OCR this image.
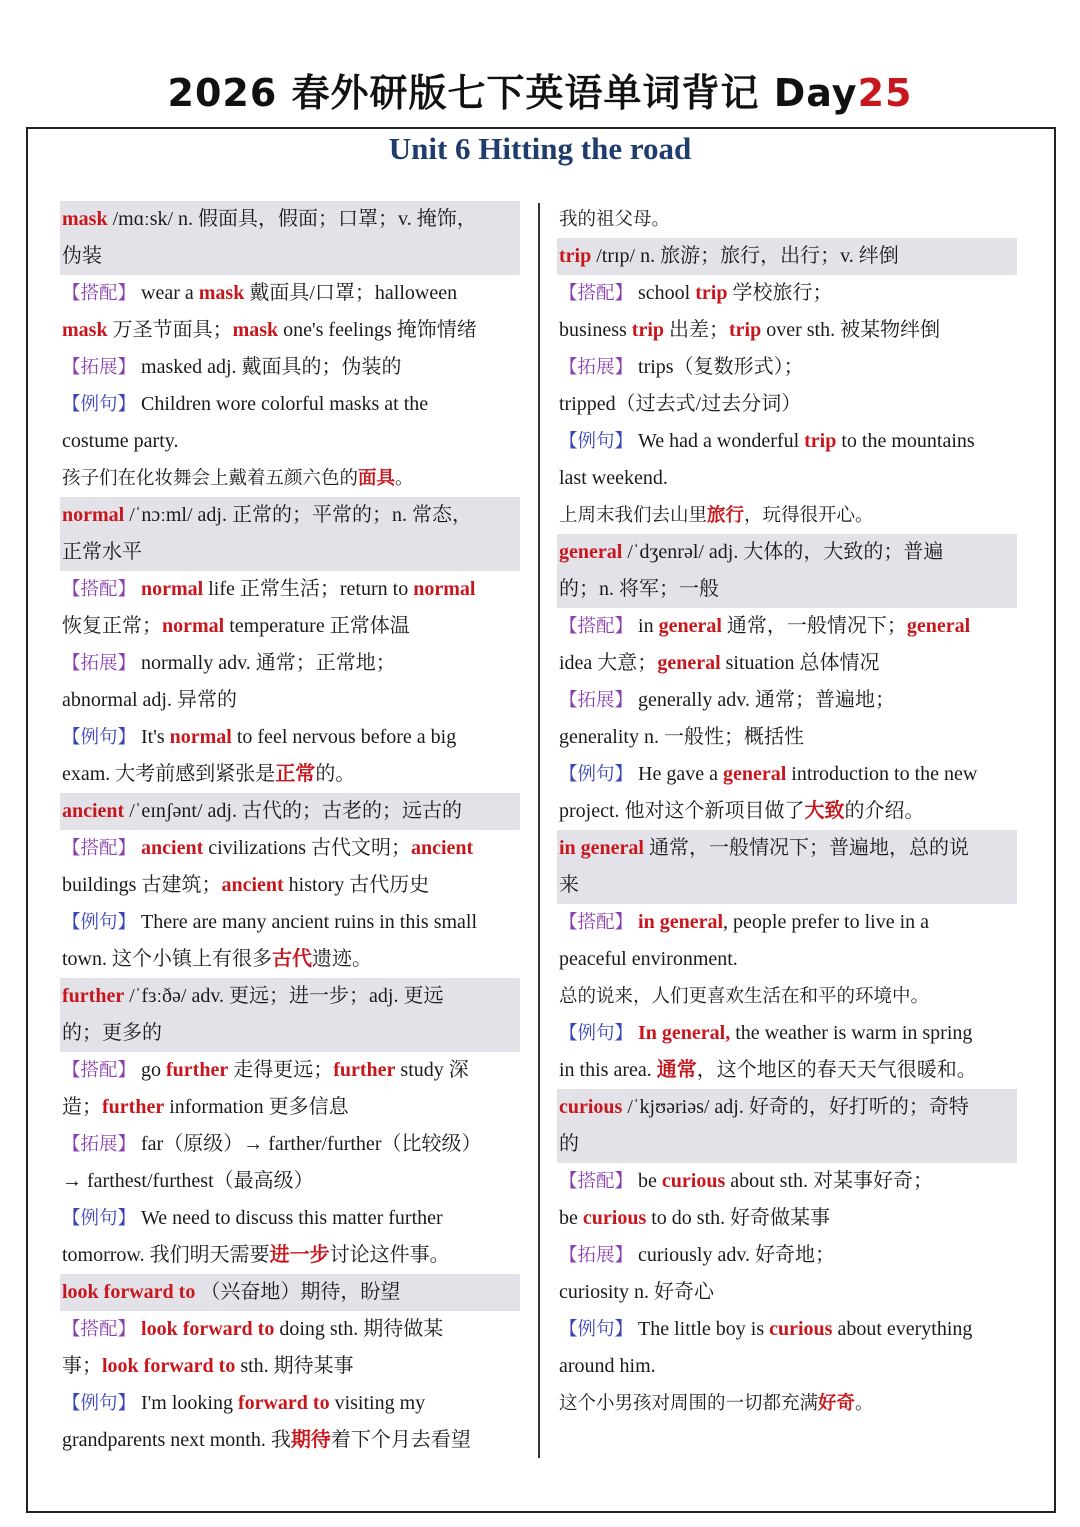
2026 春外研版七下英语单词背记 Day25
Unit 6 Hitting the road
mask /mɑːsk/ n. 假面具，假面；口罩；v. 掩饰，
伪装
【搭配】 wear a mask 戴面具/口罩；halloween
mask 万圣节面具；mask one's feelings 掩饰情绪
【拓展】 masked adj. 戴面具的；伪装的
【例句】 Children wore colorful masks at the
costume party.
孩子们在化妆舞会上戴着五颜六色的面具。
normal /ˈnɔːml/ adj. 正常的；平常的；n. 常态，
正常水平
【搭配】 normal life 正常生活；return to normal
恢复正常；normal temperature 正常体温
【拓展】 normally adv. 通常；正常地；
abnormal adj. 异常的
【例句】 It's normal to feel nervous before a big
exam. 大考前感到紧张是正常的。
ancient /ˈeɪnʃənt/ adj. 古代的；古老的；远古的
【搭配】 ancient civilizations 古代文明；ancient
buildings 古建筑；ancient history 古代历史
【例句】 There are many ancient ruins in this small
town. 这个小镇上有很多古代遗迹。
further /ˈfɜːðə/ adv. 更远；进一步；adj. 更远
的；更多的
【搭配】 go further 走得更远；further study 深
造；further information 更多信息
【拓展】 far（原级）→ farther/further（比较级）
→ farthest/furthest（最高级）
【例句】 We need to discuss this matter further
tomorrow. 我们明天需要进一步讨论这件事。
look forward to （兴奋地）期待，盼望
【搭配】 look forward to doing sth. 期待做某
事；look forward to sth. 期待某事
【例句】 I'm looking forward to visiting my
grandparents next month. 我期待着下个月去看望
我的祖父母。
trip /trɪp/ n. 旅游；旅行，出行；v. 绊倒
【搭配】 school trip 学校旅行；
business trip 出差；trip over sth. 被某物绊倒
【拓展】 trips（复数形式）；
tripped（过去式/过去分词）
【例句】 We had a wonderful trip to the mountains
last weekend.
上周末我们去山里旅行，玩得很开心。
general /ˈdʒenrəl/ adj. 大体的，大致的；普遍
的；n. 将军；一般
【搭配】 in general 通常，一般情况下；general
idea 大意；general situation 总体情况
【拓展】 generally adv. 通常；普遍地；
generality n. 一般性；概括性
【例句】 He gave a general introduction to the new
project. 他对这个新项目做了大致的介绍。
in general 通常，一般情况下；普遍地，总的说
来
【搭配】 in general, people prefer to live in a
peaceful environment.
总的说来，人们更喜欢生活在和平的环境中。
【例句】 In general, the weather is warm in spring
in this area. 通常，这个地区的春天天气很暖和。
curious /ˈkjʊəriəs/ adj. 好奇的，好打听的；奇特
的
【搭配】 be curious about sth. 对某事好奇；
be curious to do sth. 好奇做某事
【拓展】 curiously adv. 好奇地；
curiosity n. 好奇心
【例句】 The little boy is curious about everything
around him.
这个小男孩对周围的一切都充满好奇。
